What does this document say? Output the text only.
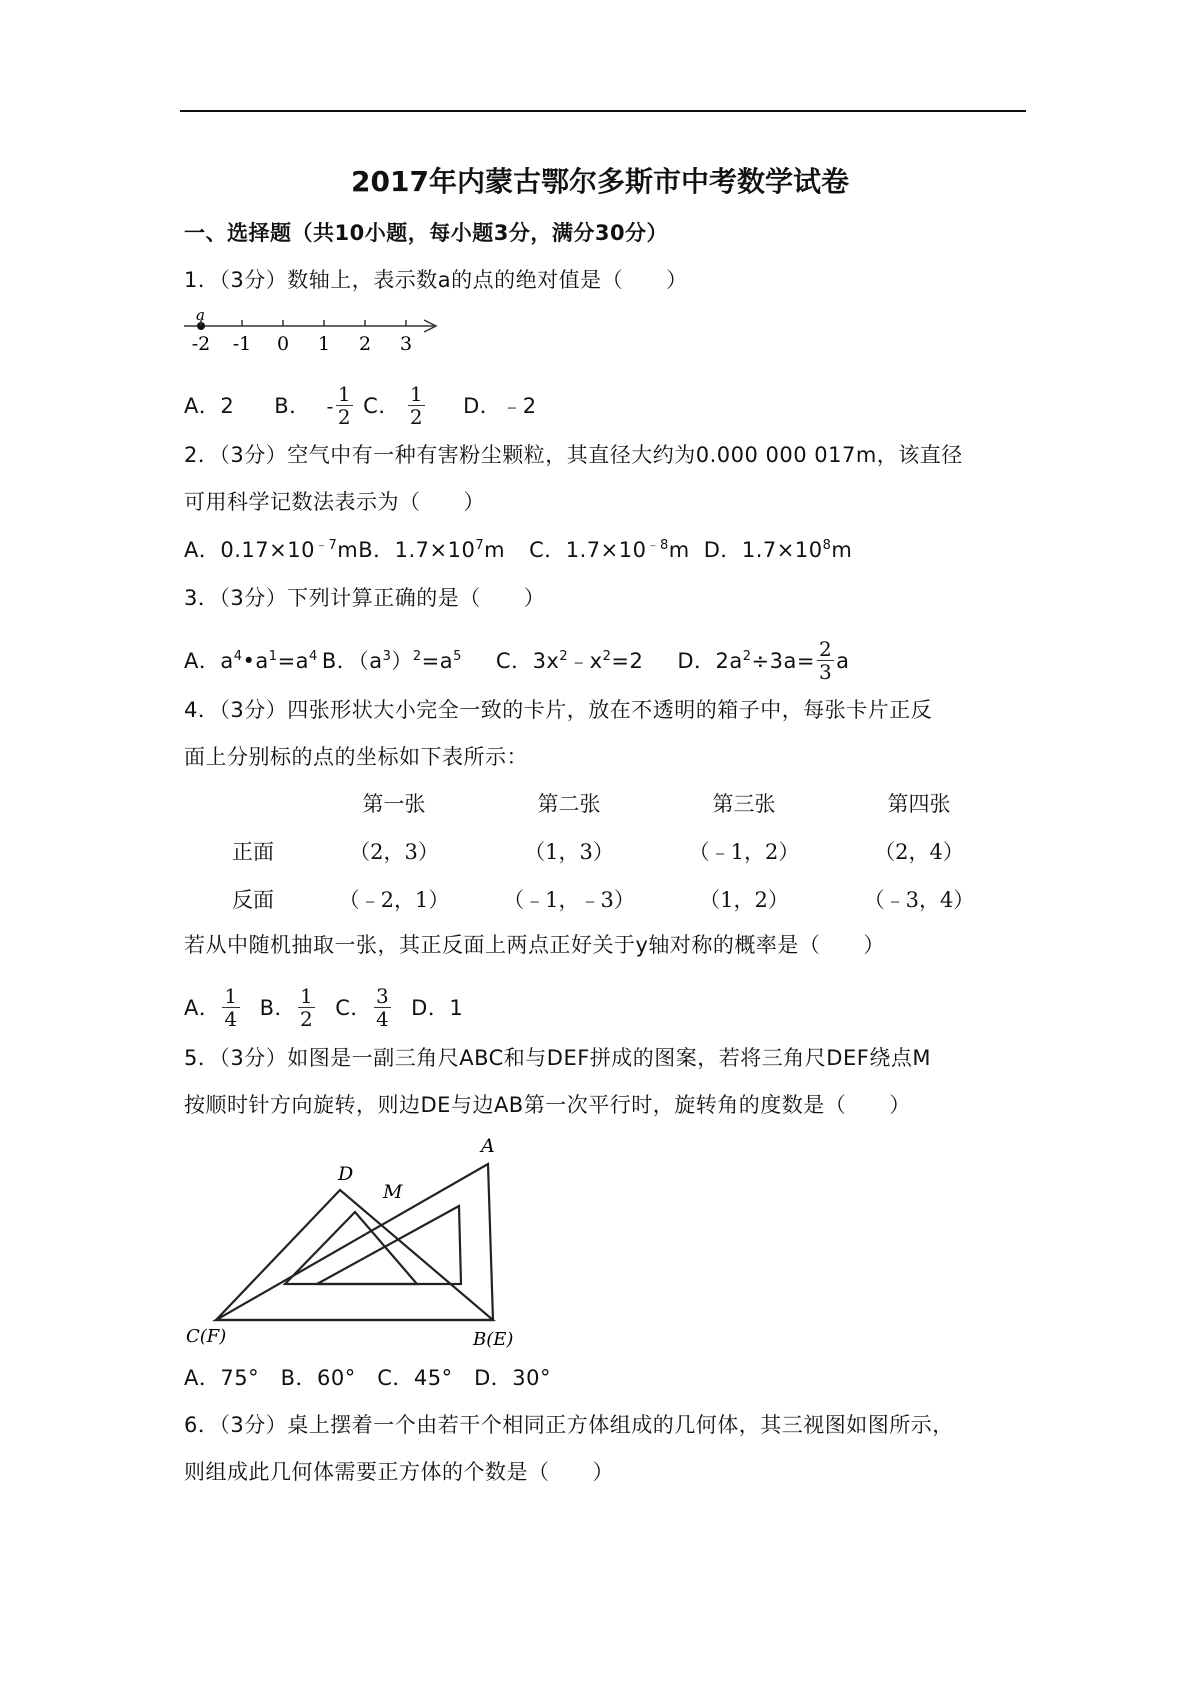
2017年内蒙古鄂尔多斯市中考数学试卷
一、选择题（共10小题，每小题3分，满分30分）
1．（3分）数轴上，表示数a的点的绝对值是（　　）
a
-2 -1 0 1 2 3
A．2 B． - $\frac{1}{2}$ C． $\frac{1}{2}$ D．﹣2
2．（3分）空气中有一种有害粉尘颗粒，其直径大约为0.000 000 017m，该直径
可用科学记数法表示为（　　）
A．$0.17\times 10^{﹣7}mB$．$1.7\times 10^7m$ C．$1.7\times 10^{﹣8}m$ D．$1.7\times 10^8m$
3．（3分）下列计算正确的是（　　）
A．$a^4•a^1=a^4$ B．$(a^3)^2=a^5$ C．$3x^2﹣x^2=2$ D．$2a^2\div 3a= \frac{2}{3}$ a
4．（3分）四张形状大小完全一致的卡片，放在不透明的箱子中，每张卡片正反
面上分别标的点的坐标如下表所示：
第一张	第二张	第三张	第四张
正面	（2，3）	（1，3）	（﹣1，2）	（2，4）
反面	（﹣2，1）	（﹣1，﹣3）	（1，2）	（﹣3，4）
若从中随机抽取一张，其正反面上两点正好关于y轴对称的概率是（　　）
A． $\frac{1}{4}$ B． $\frac{1}{2}$ C． $\frac{3}{4}$ D．1
5．（3分）如图是一副三角尺ABC和与DEF拼成的图案，若将三角尺DEF绕点M
按顺时针方向旋转，则边DE与边AB第一次平行时，旋转角的度数是（　　）
A
D
M
C(F)	B(E)
A．75°　B．60°　C．45°　D．30°
6．（3分）桌上摆着一个由若干个相同正方体组成的几何体，其三视图如图所示，
则组成此几何体需要正方体的个数是（　　）
